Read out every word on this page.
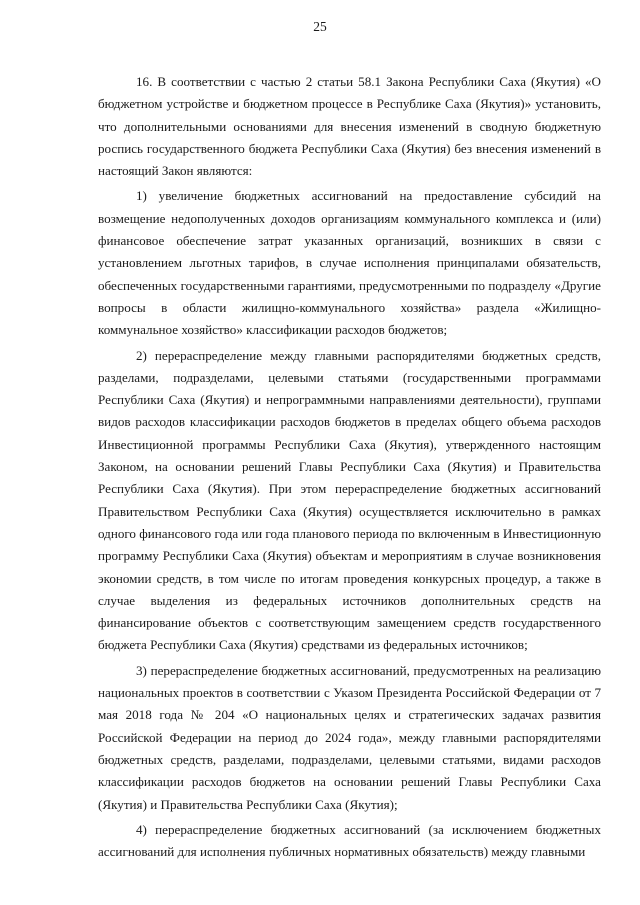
25

16. В соответствии с частью 2 статьи 58.1 Закона Республики Саха (Якутия) «О бюджетном устройстве и бюджетном процессе в Республике Саха (Якутия)» установить, что дополнительными основаниями для внесения изменений в сводную бюджетную роспись государственного бюджета Республики Саха (Якутия) без внесения изменений в настоящий Закон являются:

1) увеличение бюджетных ассигнований на предоставление субсидий на возмещение недополученных доходов организациям коммунального комплекса и (или) финансовое обеспечение затрат указанных организаций, возникших в связи с установлением льготных тарифов, в случае исполнения принципалами обязательств, обеспеченных государственными гарантиями, предусмотренными по подразделу «Другие вопросы в области жилищно-коммунального хозяйства» раздела «Жилищно-коммунальное хозяйство» классификации расходов бюджетов;

2) перераспределение между главными распорядителями бюджетных средств, разделами, подразделами, целевыми статьями (государственными программами Республики Саха (Якутия) и непрограммными направлениями деятельности), группами видов расходов классификации расходов бюджетов в пределах общего объема расходов Инвестиционной программы Республики Саха (Якутия), утвержденного настоящим Законом, на основании решений Главы Республики Саха (Якутия) и Правительства Республики Саха (Якутия). При этом перераспределение бюджетных ассигнований Правительством Республики Саха (Якутия) осуществляется исключительно в рамках одного финансового года или года планового периода по включенным в Инвестиционную программу Республики Саха (Якутия) объектам и мероприятиям в случае возникновения экономии средств, в том числе по итогам проведения конкурсных процедур, а также в случае выделения из федеральных источников дополнительных средств на финансирование объектов с соответствующим замещением средств государственного бюджета Республики Саха (Якутия) средствами из федеральных источников;

3) перераспределение бюджетных ассигнований, предусмотренных на реализацию национальных проектов в соответствии с Указом Президента Российской Федерации от 7 мая 2018 года № 204 «О национальных целях и стратегических задачах развития Российской Федерации на период до 2024 года», между главными распорядителями бюджетных средств, разделами, подразделами, целевыми статьями, видами расходов классификации расходов бюджетов на основании решений Главы Республики Саха (Якутия) и Правительства Республики Саха (Якутия);

4) перераспределение бюджетных ассигнований (за исключением бюджетных ассигнований для исполнения публичных нормативных обязательств) между главными
